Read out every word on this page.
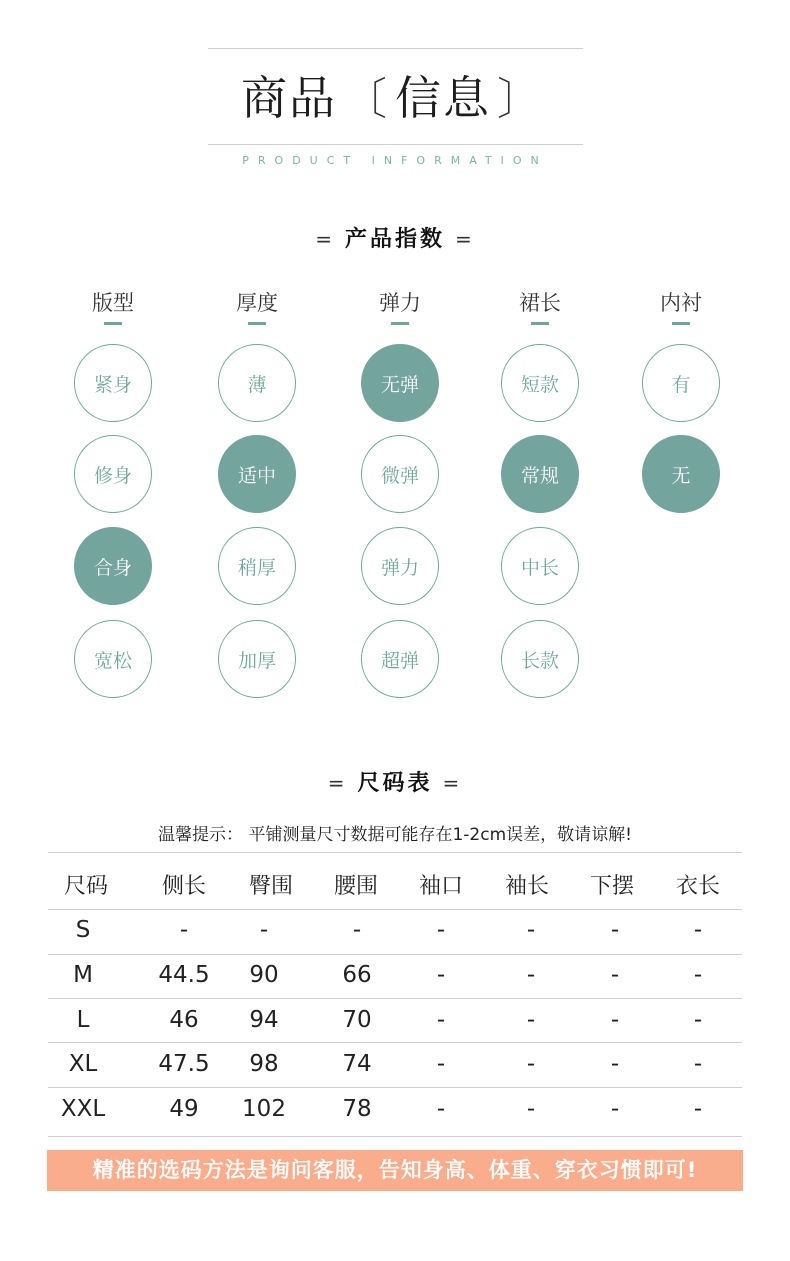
商品 〔 信息 〕
PRODUCT INFORMATION
= 产品指数 =
版型
紧身
修身
合身
宽松
厚度
薄
适中
稍厚
加厚
弹力
无弹
微弹
弹力
超弹
裙长
短款
常规
中长
长款
内衬
有
无
= 尺码表 =
温馨提示： 平铺测量尺寸数据可能存在1-2cm误差，敬请谅解!
尺码	侧长	臀围	腰围	袖口	袖长	下摆	衣长
S	-	-	-	-	-	-	-
M	44.5	90	66	-	-	-	-
L	46	94	70	-	-	-	-
XL	47.5	98	74	-	-	-	-
XXL	49	102	78	-	-	-	-
精准的选码方法是询问客服，告知身高、体重、穿衣习惯即可!
